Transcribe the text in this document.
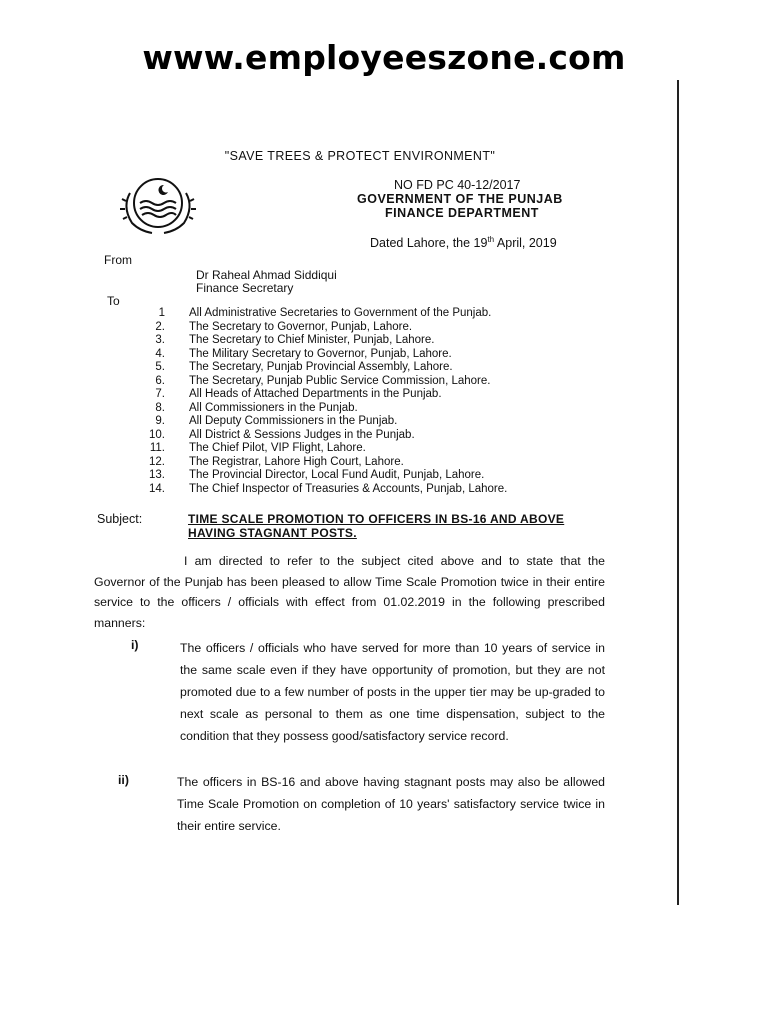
www.employeeszone.com
"SAVE TREES & PROTECT ENVIRONMENT"
NO FD PC 40-12/2017
GOVERNMENT OF THE PUNJAB
FINANCE DEPARTMENT
Dated Lahore, the 19th April, 2019
From
Dr Raheal Ahmad Siddiqui
Finance Secretary
To
1 All Administrative Secretaries to Government of the Punjab.
2. The Secretary to Governor, Punjab, Lahore.
3. The Secretary to Chief Minister, Punjab, Lahore.
4. The Military Secretary to Governor, Punjab, Lahore.
5. The Secretary, Punjab Provincial Assembly, Lahore.
6. The Secretary, Punjab Public Service Commission, Lahore.
7. All Heads of Attached Departments in the Punjab.
8. All Commissioners in the Punjab.
9. All Deputy Commissioners in the Punjab.
10. All District & Sessions Judges in the Punjab.
11. The Chief Pilot, VIP Flight, Lahore.
12. The Registrar, Lahore High Court, Lahore.
13. The Provincial Director, Local Fund Audit, Punjab, Lahore.
14. The Chief Inspector of Treasuries & Accounts, Punjab, Lahore.
Subject:	TIME SCALE PROMOTION TO OFFICERS IN BS-16 AND ABOVE HAVING STAGNANT POSTS.
I am directed to refer to the subject cited above and to state that the Governor of the Punjab has been pleased to allow Time Scale Promotion twice in their entire service to the officers / officials with effect from 01.02.2019 in the following prescribed manners:
i)	The officers / officials who have served for more than 10 years of service in the same scale even if they have opportunity of promotion, but they are not promoted due to a few number of posts in the upper tier may be up-graded to next scale as personal to them as one time dispensation, subject to the condition that they possess good/satisfactory service record.
ii)	The officers in BS-16 and above having stagnant posts may also be allowed Time Scale Promotion on completion of 10 years' satisfactory service twice in their entire service.
